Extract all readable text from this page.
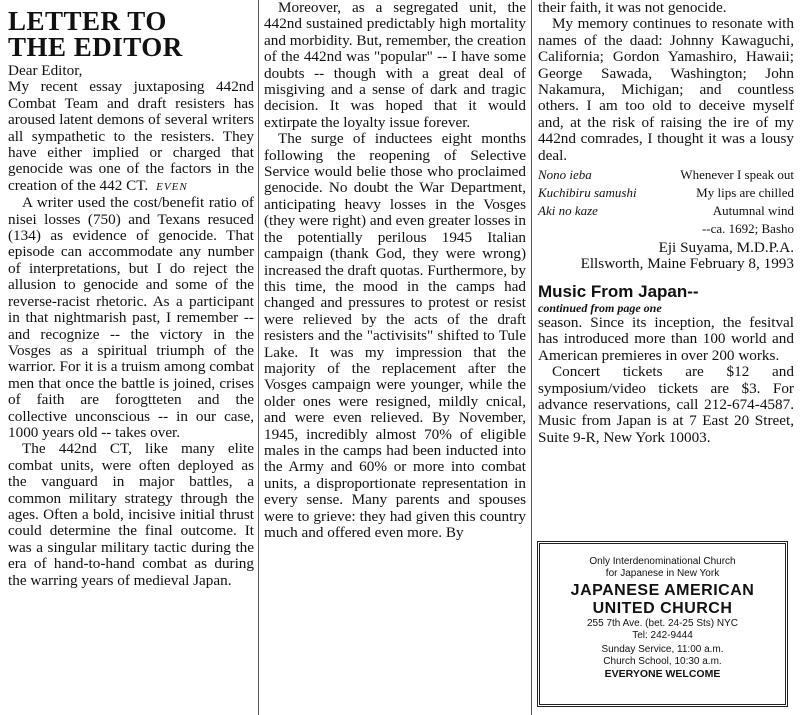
LETTER TO
THE EDITOR

Dear Editor,

My recent essay juxtaposing 442nd Combat Team and draft resisters has aroused latent demons of several writers all sympathetic to the resisters. They have either implied or charged that genocide was one of the factors in the creation of the 442 CT. EVEN

A writer used the cost/benefit ratio of nisei losses (750) and Texans resuced (134) as evidence of genocide. That episode can accommodate any number of interpretations, but I do reject the allusion to genocide and some of the reverse-racist rhetoric. As a participant in that nightmarish past, I remember -- and recognize -- the victory in the Vosges as a spiritual triumph of the warrior. For it is a truism among combat men that once the battle is joined, crises of faith are forogtteten and the collective unconscious -- in our case, 1000 years old -- takes over.

The 442nd CT, like many elite combat units, were often deployed as the vanguard in major battles, a common military strategy through the ages. Often a bold, incisive initial thrust could determine the final outcome. It was a singular military tactic during the era of hand-to-hand combat as during the warring years of medieval Japan.

Moreover, as a segregated unit, the 442nd sustained predictably high mortality and morbidity. But, remember, the creation of the 442nd was "popular" -- I have some doubts -- though with a great deal of misgiving and a sense of dark and tragic decision. It was hoped that it would extirpate the loyalty issue forever.

The surge of inductees eight months following the reopening of Selective Service would belie those who proclaimed genocide. No doubt the War Department, anticipating heavy losses in the Vosges (they were right) and even greater losses in the potentially perilous 1945 Italian campaign (thank God, they were wrong) increased the draft quotas. Furthermore, by this time, the mood in the camps had changed and pressures to protest or resist were relieved by the acts of the draft resisters and the "activisits" shifted to Tule Lake. It was my impression that the majority of the replacement after the Vosges campaign were younger, while the older ones were resigned, mildly cnical, and were even relieved. By November, 1945, incredibly almost 70% of eligible males in the camps had been inducted into the Army and 60% or more into combat units, a disproportionate representation in every sense. Many parents and spouses were to grieve: they had given this country much and offered even more. By

their faith, it was not genocide.

My memory continues to resonate with names of the daad: Johnny Kawaguchi, California; Gordon Yamashiro, Hawaii; George Sawada, Washington; John Nakamura, Michigan; and countless others. I am too old to deceive myself and, at the risk of raising the ire of my 442nd comrades, I thought it was a lousy deal.

Nono ieba	Whenever I speak out
Kuchibiru samushi	My lips are chilled
Aki no kaze	Autumnal wind
--ca. 1692; Basho
Eji Suyama, M.D.P.A.
Ellsworth, Maine February 8, 1993
Music From Japan--
continued from page one

season. Since its inception, the fesitval has introduced more than 100 world and American premieres in over 200 works.

Concert tickets are $12 and symposium/video tickets are $3. For advance reservations, call 212-674-4587. Music from Japan is at 7 East 20 Street, Suite 9-R, New York 10003.

Only Interdenominational Church
for Japanese in New York
JAPANESE AMERICAN
UNITED CHURCH
255 7th Ave. (bet. 24-25 Sts) NYC
Tel: 242-9444
Sunday Service, 11:00 a.m.
Church School, 10:30 a.m.
EVERYONE WELCOME
